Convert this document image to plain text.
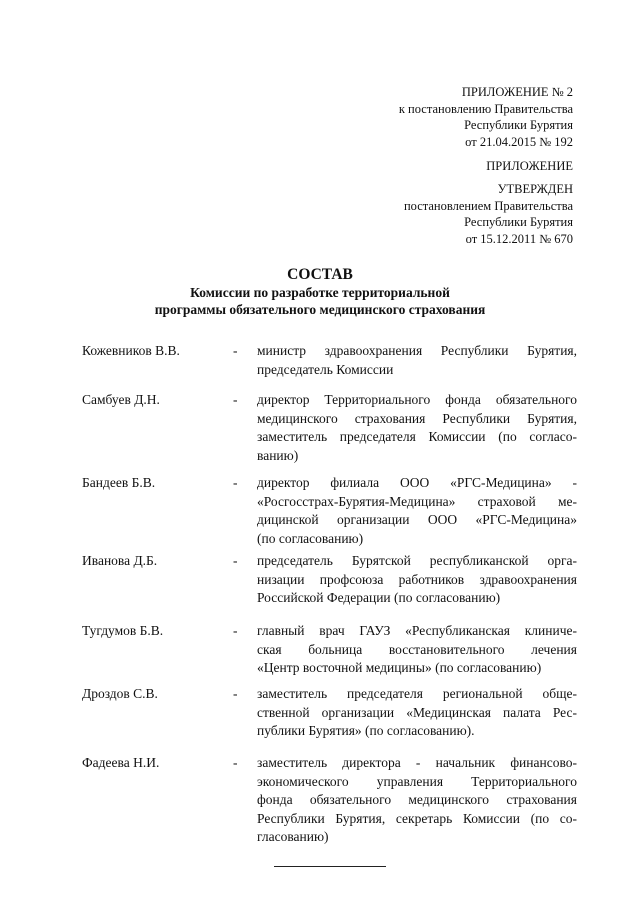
ПРИЛОЖЕНИЕ № 2
к постановлению Правительства
Республики Бурятия
от 21.04.2015 № 192
ПРИЛОЖЕНИЕ
УТВЕРЖДЕН
постановлением Правительства
Республики Бурятия
от 15.12.2011 № 670
СОСТАВ
Комиссии по разработке территориальной
программы обязательного медицинского страхования
Кожевников В.В.	- министр здравоохранения Республики Бурятия,
председатель Комиссии
Самбуев Д.Н.	- директор Территориального фонда обязательного
медицинского страхования Республики Бурятия,
заместитель председателя Комиссии (по согласо-
ванию)
Бандеев Б.В.	- директор филиала ООО «РГС-Медицина» -
«Росгосстрах-Бурятия-Медицина» страховой ме-
дицинской организации ООО «РГС-Медицина»
(по согласованию)
Иванова Д.Б.	- председатель Бурятской республиканской орга-
низации профсоюза работников здравоохранения
Российской Федерации (по согласованию)
Тугдумов Б.В.	- главный врач ГАУЗ «Республиканская клиниче-
ская больница восстановительного лечения
«Центр восточной медицины» (по согласованию)
Дроздов С.В.	- заместитель председателя региональной обще-
ственной организации «Медицинская палата Рес-
публики Бурятия» (по согласованию).
Фадеева Н.И.	- заместитель директора - начальник финансово-
экономического управления Территориального
фонда обязательного медицинского страхования
Республики Бурятия, секретарь Комиссии (по со-
гласованию)
